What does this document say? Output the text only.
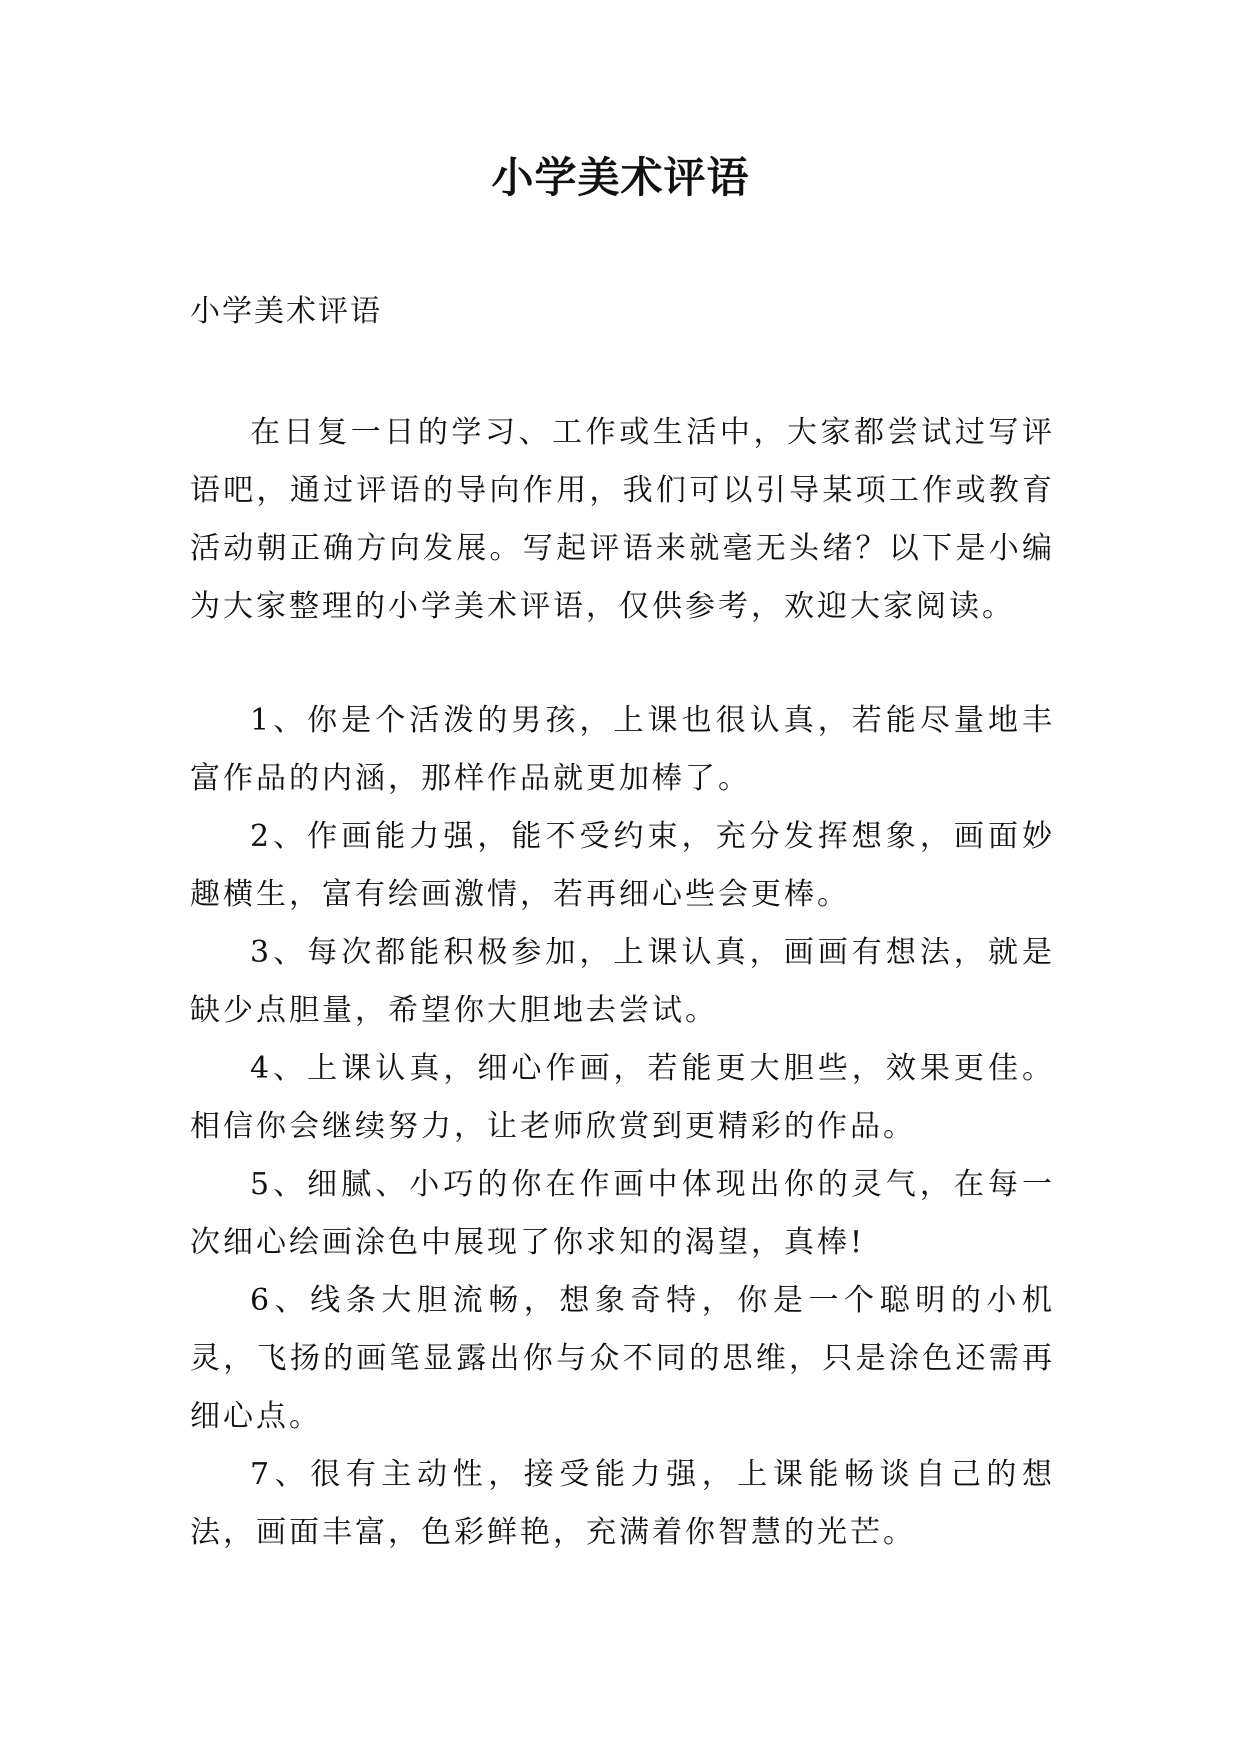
小学美术评语
小学美术评语

在日复一日的学习、工作或生活中，大家都尝试过写评语吧，通过评语的导向作用，我们可以引导某项工作或教育活动朝正确方向发展。写起评语来就毫无头绪？以下是小编为大家整理的小学美术评语，仅供参考，欢迎大家阅读。

1、你是个活泼的男孩，上课也很认真，若能尽量地丰富作品的内涵，那样作品就更加棒了。

2、作画能力强，能不受约束，充分发挥想象，画面妙趣横生，富有绘画激情，若再细心些会更棒。

3、每次都能积极参加，上课认真，画画有想法，就是缺少点胆量，希望你大胆地去尝试。

4、上课认真，细心作画，若能更大胆些，效果更佳。相信你会继续努力，让老师欣赏到更精彩的作品。

5、细腻、小巧的你在作画中体现出你的灵气，在每一次细心绘画涂色中展现了你求知的渴望，真棒!

6、线条大胆流畅，想象奇特，你是一个聪明的小机灵，飞扬的画笔显露出你与众不同的思维，只是涂色还需再细心点。

7、很有主动性，接受能力强，上课能畅谈自己的想法，画面丰富，色彩鲜艳，充满着你智慧的光芒。
